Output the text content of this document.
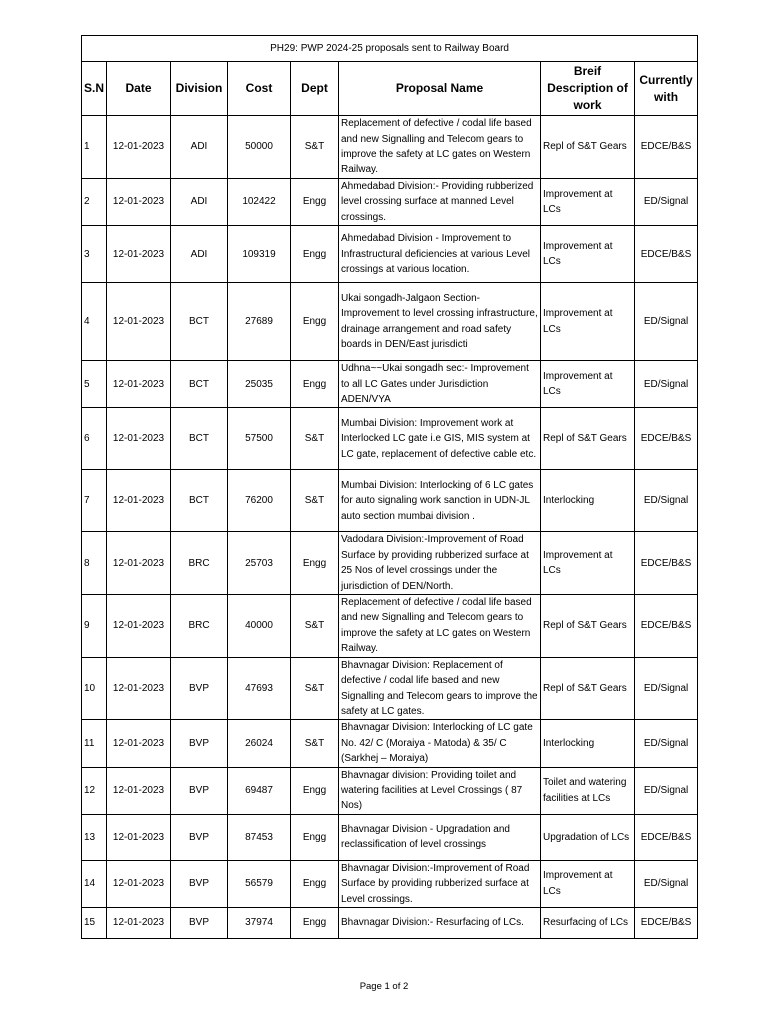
PH29: PWP 2024-25 proposals sent to Railway Board							
S.N	Date	Division	Cost	Dept	Proposal Name	Breif Description of work	Currently with
1	12-01-2023	ADI	50000	S&T	Replacement of defective / codal life based and new Signalling and Telecom gears to improve the safety at LC gates on Western Railway.	Repl of S&T Gears	EDCE/B&S
2	12-01-2023	ADI	102422	Engg	Ahmedabad Division:- Providing rubberized level crossing surface at manned Level crossings.	Improvement at LCs	ED/Signal
3	12-01-2023	ADI	109319	Engg	Ahmedabad Division - Improvement to Infrastructural deficiencies at various Level crossings at various location.	Improvement at LCs	EDCE/B&S
4	12-01-2023	BCT	27689	Engg	Ukai songadh-Jalgaon Section- Improvement to level crossing infrastructure, drainage arrangement and road safety boards in DEN/East jurisdicti	Improvement at LCs	ED/Signal
5	12-01-2023	BCT	25035	Engg	Udhna~~Ukai songadh sec:- Improvement to all LC Gates under Jurisdiction ADEN/VYA	Improvement at LCs	ED/Signal
6	12-01-2023	BCT	57500	S&T	Mumbai Division: Improvement work at Interlocked LC gate i.e GIS, MIS system at LC gate, replacement of defective cable etc.	Repl of S&T Gears	EDCE/B&S
7	12-01-2023	BCT	76200	S&T	Mumbai Division: Interlocking of 6 LC gates for auto signaling work sanction in UDN-JL auto section mumbai division .	Interlocking	ED/Signal
8	12-01-2023	BRC	25703	Engg	Vadodara Division:-Improvement of Road Surface by providing rubberized surface at 25 Nos of level crossings under the jurisdiction of DEN/North.	Improvement at LCs	EDCE/B&S
9	12-01-2023	BRC	40000	S&T	Replacement of defective / codal life based and new Signalling and Telecom gears to improve the safety at LC gates on Western Railway.	Repl of S&T Gears	EDCE/B&S
10	12-01-2023	BVP	47693	S&T	Bhavnagar Division: Replacement of defective / codal life based and new Signalling and Telecom gears to improve the safety at LC gates.	Repl of S&T Gears	ED/Signal
11	12-01-2023	BVP	26024	S&T	Bhavnagar Division: Interlocking of LC gate No. 42/ C (Moraiya - Matoda) & 35/ C (Sarkhej – Moraiya)	Interlocking	ED/Signal
12	12-01-2023	BVP	69487	Engg	Bhavnagar division: Providing toilet and watering facilities at Level Crossings ( 87 Nos)	Toilet and watering facilities at LCs	ED/Signal
13	12-01-2023	BVP	87453	Engg	Bhavnagar Division - Upgradation and reclassification of level crossings	Upgradation of LCs	EDCE/B&S
14	12-01-2023	BVP	56579	Engg	Bhavnagar Division:-Improvement of Road Surface by providing rubberized surface at Level crossings.	Improvement at LCs	ED/Signal
15	12-01-2023	BVP	37974	Engg	Bhavnagar Division:- Resurfacing of LCs.	Resurfacing of LCs	EDCE/B&S
Page 1 of 2
